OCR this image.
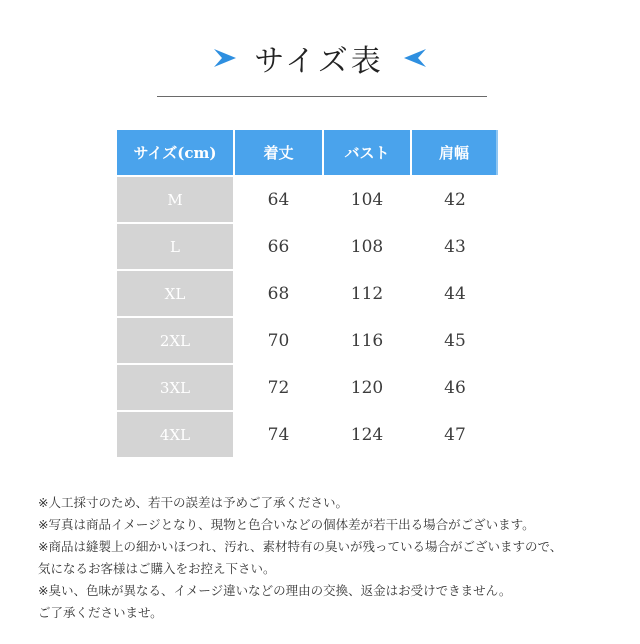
サイズ表
サイズ(cm)	着丈	バスト	肩幅
M	64	104	42
L	66	108	43
XL	68	112	44
2XL	70	116	45
3XL	72	120	46
4XL	74	124	47
※人工採寸のため、若干の誤差は予めご了承ください。
※写真は商品イメージとなり、現物と色合いなどの個体差が若干出る場合がございます。
※商品は縫製上の細かいほつれ、汚れ、素材特有の臭いが残っている場合がございますので、
気になるお客様はご購入をお控え下さい。
※臭い、色味が異なる、イメージ違いなどの理由の交換、返金はお受けできません。
ご了承くださいませ。
